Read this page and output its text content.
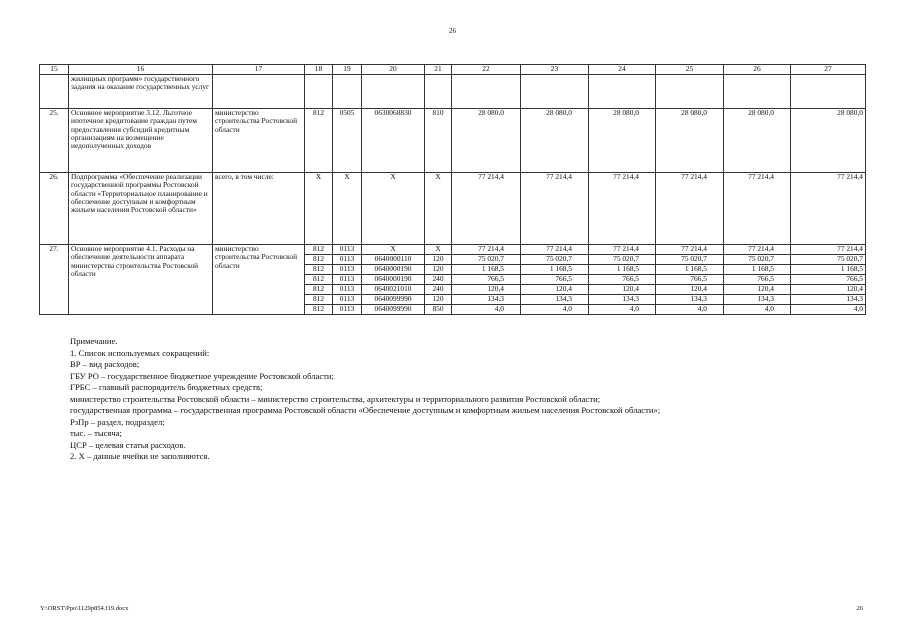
26
15	16	17	18	19	20	21	22	23	24	25	26	27
	жилищных программ» государственного задания на оказание государственных услуг											
25.	Основное мероприятие 3.12. Льготное ипотечное кредитование граждан путем предоставления субсидий кредитным организациям на возмещение недополученных доходов	министерство строительства Ростовской области	812	0505	0630068830	810	28 080,0	28 080,0	28 080,0	28 080,0	28 080,0	28 080,0
26.	Подпрограмма «Обеспечение реализации государственной программы Ростовской области «Территориальное планирование и обеспечение доступным и комфортным жильем населения Ростовской области»	всего, в том числе:	X	X	X	X	77 214,4	77 214,4	77 214,4	77 214,4	77 214,4	77 214,4
27.	Основное мероприятие 4.1. Расходы на обеспечение деятельности аппарата министерства строительства Ростовской области	министерство строительства Ростовской области	812	0113	X	X	77 214,4	77 214,4	77 214,4	77 214,4	77 214,4	77 214,4
			812	0113	0640000110	120	75 020,7	75 020,7	75 020,7	75 020,7	75 020,7	75 020,7
			812	0113	0640000190	120	1 168,5	1 168,5	1 168,5	1 168,5	1 168,5	1 168,5
			812	0113	0640000190	240	766,5	766,5	766,5	766,5	766,5	766,5
			812	0113	0640021010	240	120,4	120,4	120,4	120,4	120,4	120,4
			812	0113	0640099990	120	134,3	134,3	134,3	134,3	134,3	134,3
			812	0113	0640099990	850	4,0	4,0	4,0	4,0	4,0	4,0
Примечание.
1. Список используемых сокращений:
ВР – вид расходов;
ГБУ РО – государственное бюджетное учреждение Ростовской области;
ГРБС – главный распорядитель бюджетных средств;
министерство строительства Ростовской области – министерство строительства, архитектуры и территориального развития Ростовской области;
государственная программа – государственная программа Ростовской области «Обеспечение доступным и комфортным жильем населения Ростовской области»;
РзПр – раздел, подраздел;
тыс. – тысяча;
ЦСР – целевая статья расходов.
2. Х – данные ячейки не заполняются.
Y:\ORST\Ppo\1129p854.f19.docx	26
